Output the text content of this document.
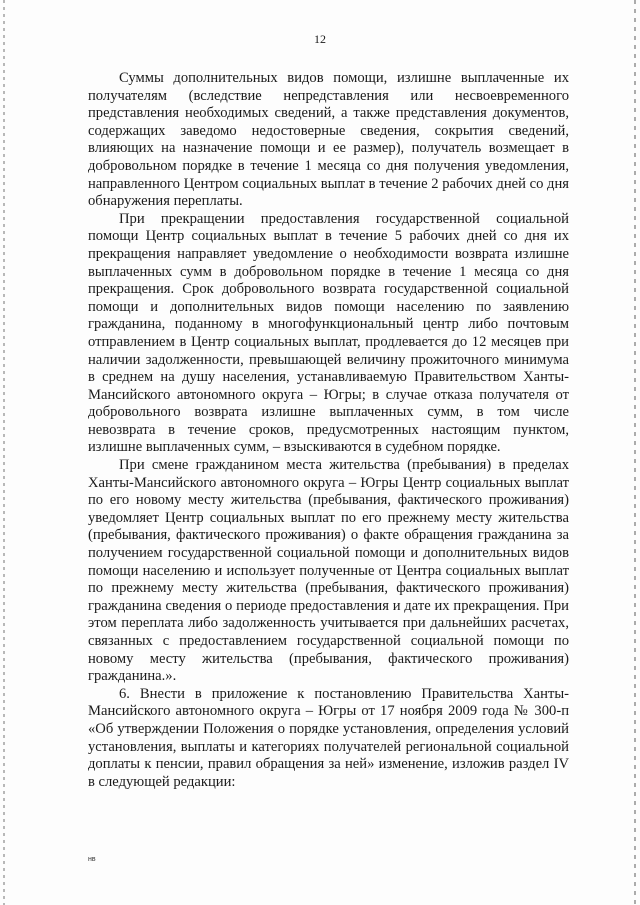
12

Суммы дополнительных видов помощи, излишне выплаченные их получателям (вследствие непредставления или несвоевременного представления необходимых сведений, а также представления документов, содержащих заведомо недостоверные сведения, сокрытия сведений, влияющих на назначение помощи и ее размер), получатель возмещает в добровольном порядке в течение 1 месяца со дня получения уведомления, направленного Центром социальных выплат в течение 2 рабочих дней со дня обнаружения переплаты.

При прекращении предоставления государственной социальной помощи Центр социальных выплат в течение 5 рабочих дней со дня их прекращения направляет уведомление о необходимости возврата излишне выплаченных сумм в добровольном порядке в течение 1 месяца со дня прекращения. Срок добровольного возврата государственной социальной помощи и дополнительных видов помощи населению по заявлению гражданина, поданному в многофункциональный центр либо почтовым отправлением в Центр социальных выплат, продлевается до 12 месяцев при наличии задолженности, превышающей величину прожиточного минимума в среднем на душу населения, устанавливаемую Правительством Ханты-Мансийского автономного округа – Югры; в случае отказа получателя от добровольного возврата излишне выплаченных сумм, в том числе невозврата в течение сроков, предусмотренных настоящим пунктом, излишне выплаченных сумм, – взыскиваются в судебном порядке.

При смене гражданином места жительства (пребывания) в пределах Ханты-Мансийского автономного округа – Югры Центр социальных выплат по его новому месту жительства (пребывания, фактического проживания) уведомляет Центр социальных выплат по его прежнему месту жительства (пребывания, фактического проживания) о факте обращения гражданина за получением государственной социальной помощи и дополнительных видов помощи населению и использует полученные от Центра социальных выплат по прежнему месту жительства (пребывания, фактического проживания) гражданина сведения о периоде предоставления и дате их прекращения. При этом переплата либо задолженность учитывается при дальнейших расчетах, связанных с предоставлением государственной социальной помощи по новому месту жительства (пребывания, фактического проживания) гражданина.».

6. Внести в приложение к постановлению Правительства Ханты-Мансийского автономного округа – Югры от 17 ноября 2009 года № 300-п «Об утверждении Положения о порядке установления, определения условий установления, выплаты и категориях получателей региональной социальной доплаты к пенсии, правил обращения за ней» изменение, изложив раздел IV в следующей редакции:

нв
